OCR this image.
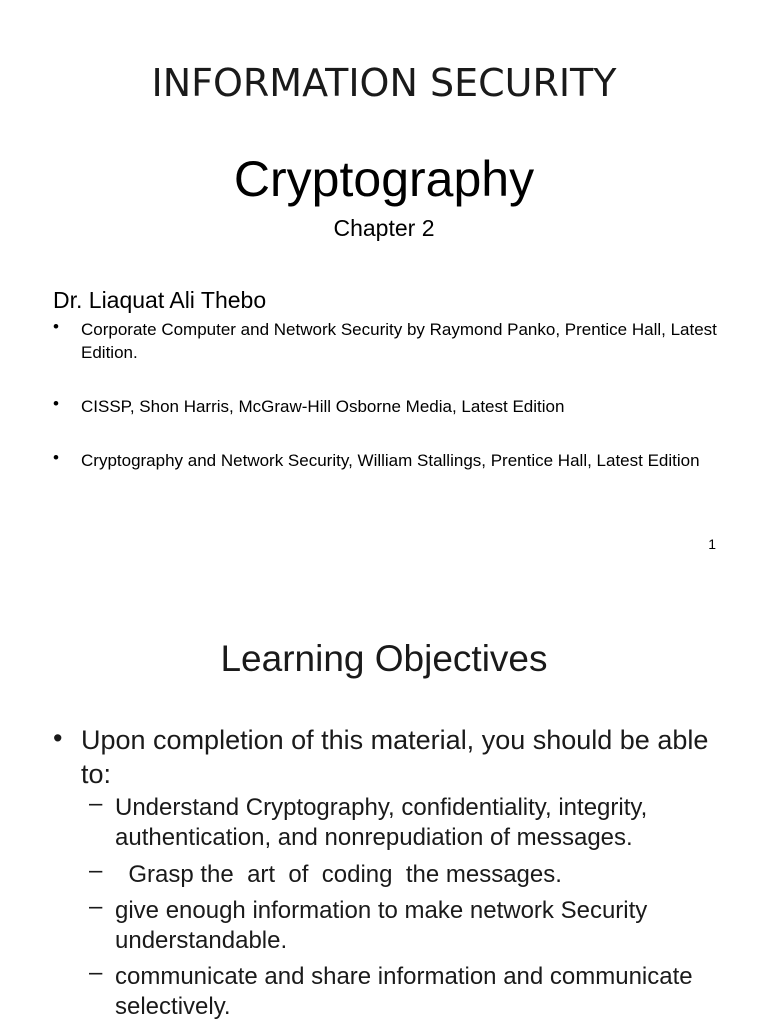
INFORMATION SECURITY
Cryptography
Chapter 2
Dr. Liaquat Ali Thebo
• Corporate Computer and Network Security by Raymond Panko, Prentice Hall, Latest Edition.
• CISSP, Shon Harris, McGraw-Hill Osborne Media, Latest Edition
• Cryptography and Network Security, William Stallings, Prentice Hall, Latest Edition
1
Learning Objectives
• Upon completion of this material, you should be able to:
– Understand Cryptography, confidentiality, integrity, authentication, and nonrepudiation of messages.
– Grasp the  art  of  coding  the messages.
– give enough information to make network Security understandable.
– communicate and share information and communicate  selectively.
